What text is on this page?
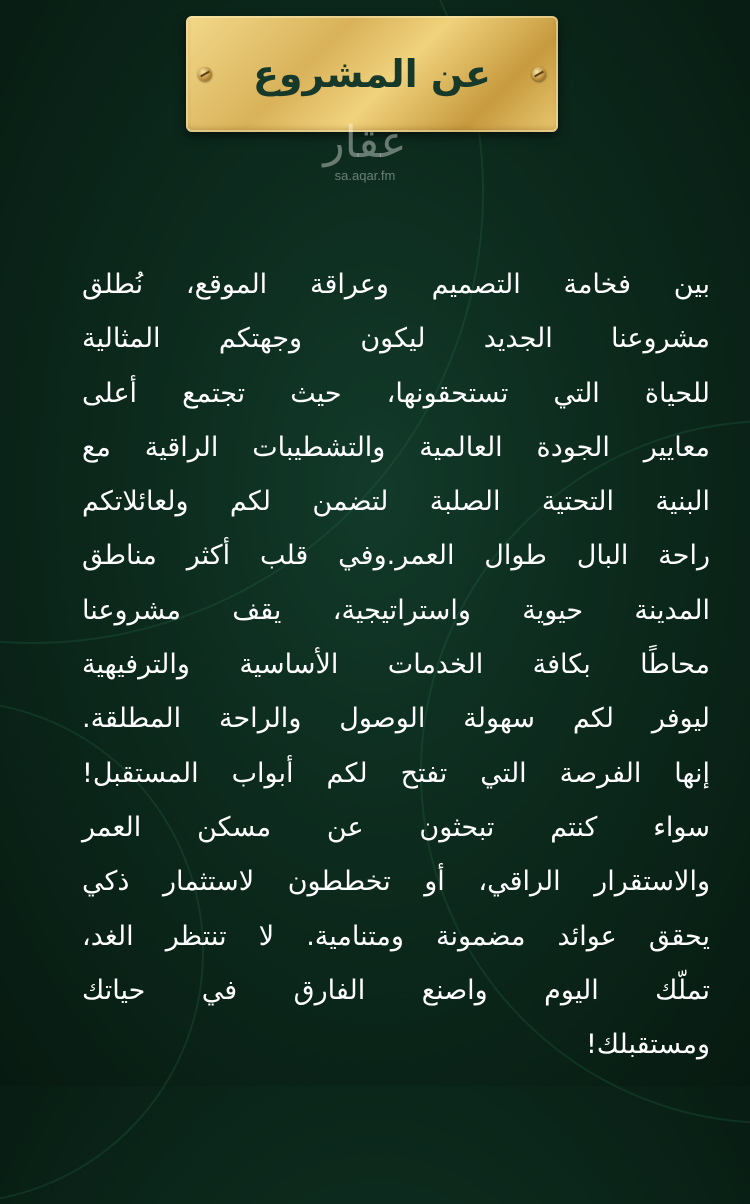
عن المشروع
عقار
sa.aqar.fm
بين فخامة التصميم وعراقة الموقع، نُطلق
مشروعنا الجديد ليكون وجهتكم المثالية
للحياة التي تستحقونها، حيث تجتمع أعلى
معايير الجودة العالمية والتشطيبات الراقية مع
البنية التحتية الصلبة لتضمن لكم ولعائلاتكم
راحة البال طوال العمر.وفي قلب أكثر مناطق
المدينة حيوية واستراتيجية، يقف مشروعنا
محاطًا بكافة الخدمات الأساسية والترفيهية
ليوفر لكم سهولة الوصول والراحة المطلقة.
إنها الفرصة التي تفتح لكم أبواب المستقبل!
سواء كنتم تبحثون عن مسكن العمر
والاستقرار الراقي، أو تخططون لاستثمار ذكي
يحقق عوائد مضمونة ومتنامية. لا تنتظر الغد،
تملّك اليوم واصنع الفارق في حياتك
ومستقبلك!
